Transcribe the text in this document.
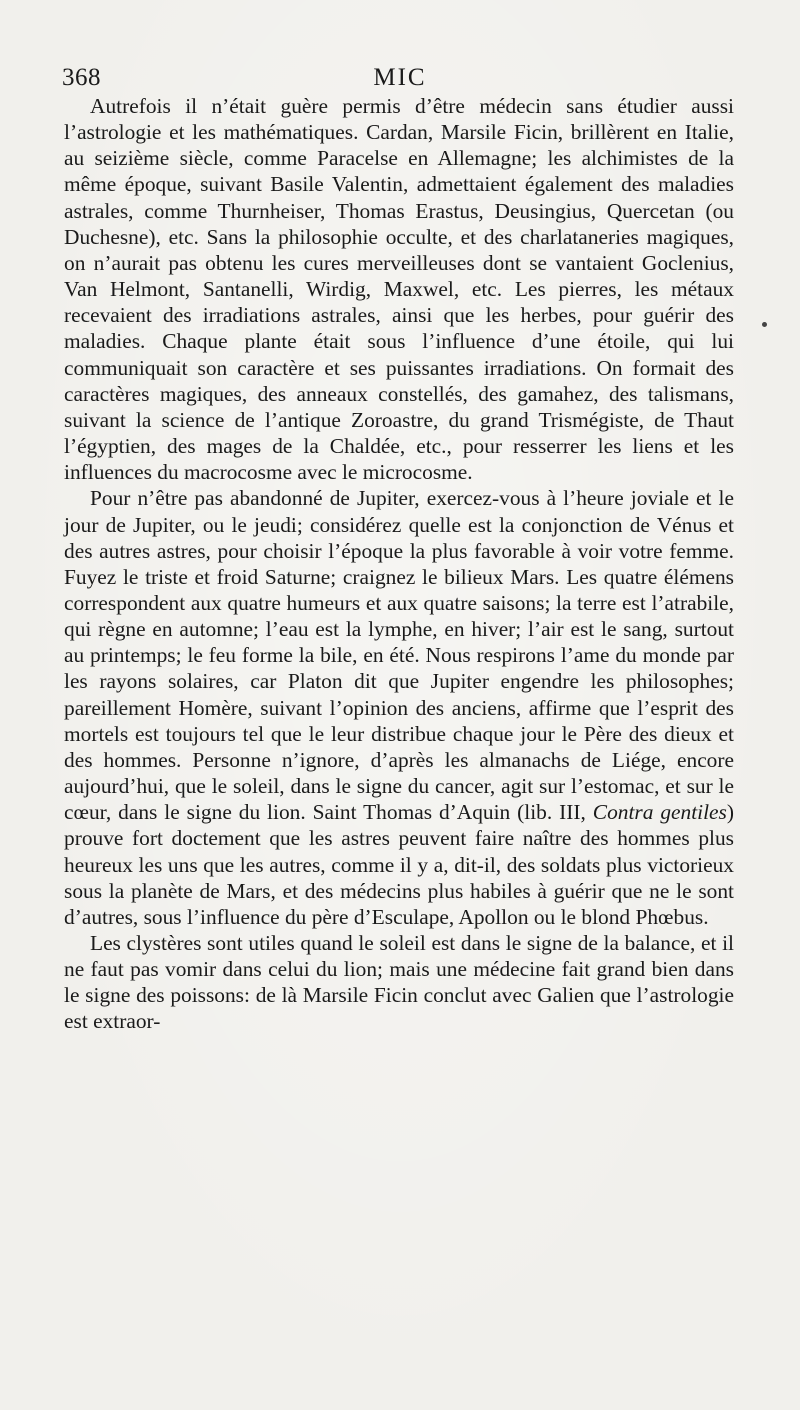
368	MIC

Autrefois il n’était guère permis d’être médecin sans étudier aussi l’astrologie et les mathématiques. Cardan, Marsile Ficin, brillèrent en Italie, au seizième siècle, comme Paracelse en Allemagne; les alchimistes de la même époque, suivant Basile Valentin, admettaient également des maladies astrales, comme Thurnheiser, Thomas Erastus, Deusingius, Quercetan (ou Duchesne), etc. Sans la philosophie occulte, et des charlataneries magiques, on n’aurait pas obtenu les cures merveilleuses dont se vantaient Goclenius, Van Helmont, Santanelli, Wirdig, Maxwel, etc. Les pierres, les métaux recevaient des irradiations astrales, ainsi que les herbes, pour guérir des maladies. Chaque plante était sous l’influence d’une étoile, qui lui communiquait son caractère et ses puissantes irradiations. On formait des caractères magiques, des anneaux constellés, des gamahez, des talismans, suivant la science de l’antique Zoroastre, du grand Trismégiste, de Thaut l’égyptien, des mages de la Chaldée, etc., pour resserrer les liens et les influences du macrocosme avec le microcosme.

Pour n’être pas abandonné de Jupiter, exercez-vous à l’heure joviale et le jour de Jupiter, ou le jeudi; considérez quelle est la conjonction de Vénus et des autres astres, pour choisir l’époque la plus favorable à voir votre femme. Fuyez le triste et froid Saturne; craignez le bilieux Mars. Les quatre élémens correspondent aux quatre humeurs et aux quatre saisons; la terre est l’atrabile, qui règne en automne; l’eau est la lymphe, en hiver; l’air est le sang, surtout au printemps; le feu forme la bile, en été. Nous respirons l’ame du monde par les rayons solaires, car Platon dit que Jupiter engendre les philosophes; pareillement Homère, suivant l’opinion des anciens, affirme que l’esprit des mortels est toujours tel que le leur distribue chaque jour le Père des dieux et des hommes. Personne n’ignore, d’après les almanachs de Liége, encore aujourd’hui, que le soleil, dans le signe du cancer, agit sur l’estomac, et sur le cœur, dans le signe du lion. Saint Thomas d’Aquin (lib. III, Contra gentiles) prouve fort doctement que les astres peuvent faire naître des hommes plus heureux les uns que les autres, comme il y a, dit-il, des soldats plus victorieux sous la planète de Mars, et des médecins plus habiles à guérir que ne le sont d’autres, sous l’influence du père d’Esculape, Apollon ou le blond Phœbus.

Les clystères sont utiles quand le soleil est dans le signe de la balance, et il ne faut pas vomir dans celui du lion; mais une médecine fait grand bien dans le signe des poissons: de là Marsile Ficin conclut avec Galien que l’astrologie est extraor-
